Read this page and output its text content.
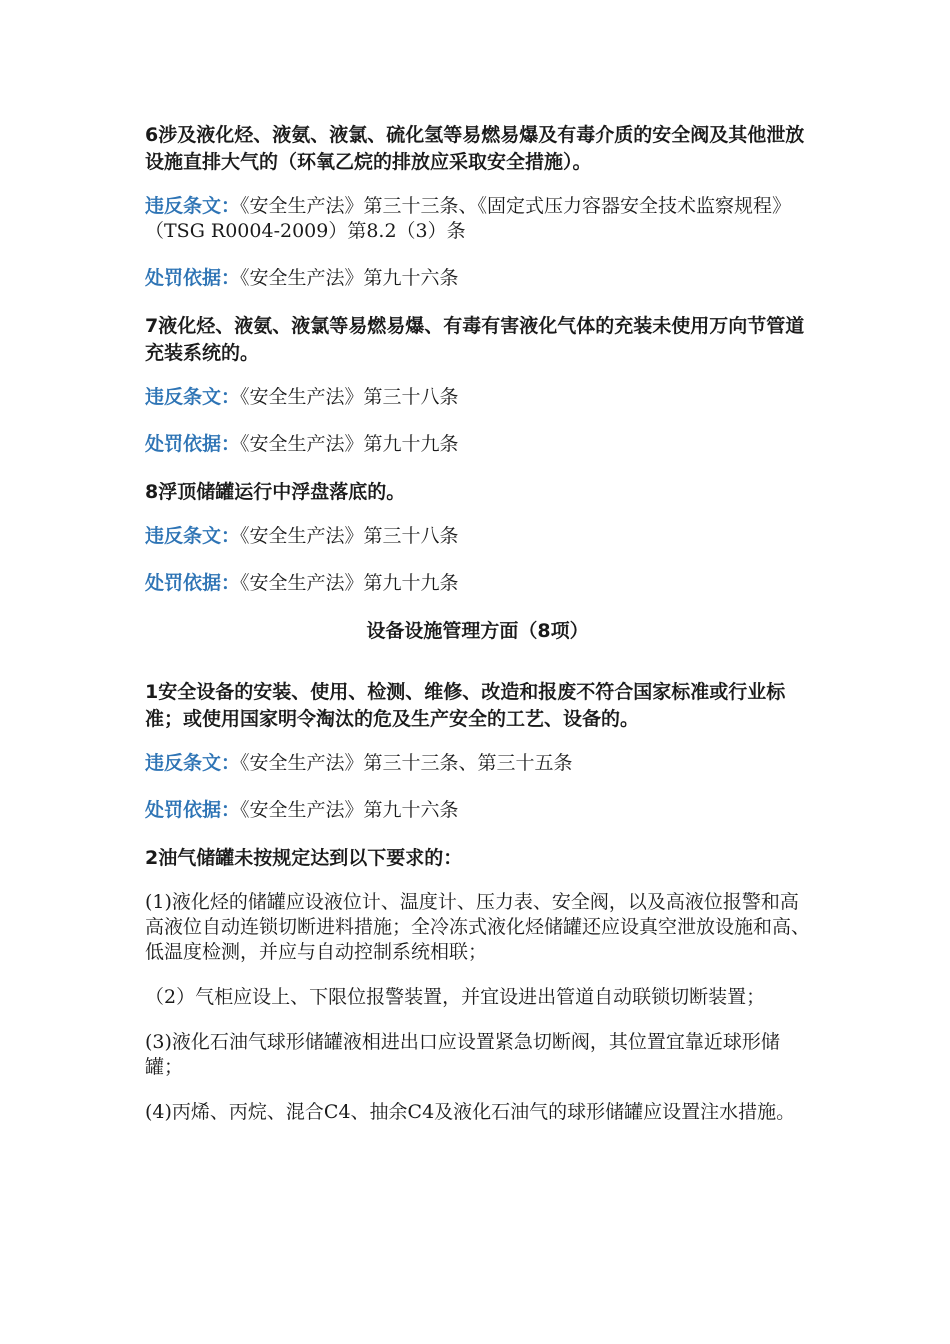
6涉及液化烃、液氨、液氯、硫化氢等易燃易爆及有毒介质的安全阀及其他泄放设施直排大气的（环氧乙烷的排放应采取安全措施）。
违反条文：《安全生产法》第三十三条、《固定式压力容器安全技术监察规程》（TSG R0004-2009）第8.2（3）条
处罚依据：《安全生产法》第九十六条
7液化烃、液氨、液氯等易燃易爆、有毒有害液化气体的充装未使用万向节管道充装系统的。
违反条文：《安全生产法》第三十八条
处罚依据：《安全生产法》第九十九条
8浮顶储罐运行中浮盘落底的。
违反条文：《安全生产法》第三十八条
处罚依据：《安全生产法》第九十九条
设备设施管理方面（8项）
1安全设备的安装、使用、检测、维修、改造和报废不符合国家标准或行业标准；或使用国家明令淘汰的危及生产安全的工艺、设备的。
违反条文：《安全生产法》第三十三条、第三十五条
处罚依据：《安全生产法》第九十六条
2油气储罐未按规定达到以下要求的：
(1)液化烃的储罐应设液位计、温度计、压力表、安全阀，以及高液位报警和高高液位自动连锁切断进料措施；全冷冻式液化烃储罐还应设真空泄放设施和高、低温度检测，并应与自动控制系统相联；
（2）气柜应设上、下限位报警装置，并宜设进出管道自动联锁切断装置；
(3)液化石油气球形储罐液相进出口应设置紧急切断阀，其位置宜靠近球形储罐；
(4)丙烯、丙烷、混合C4、抽余C4及液化石油气的球形储罐应设置注水措施。
